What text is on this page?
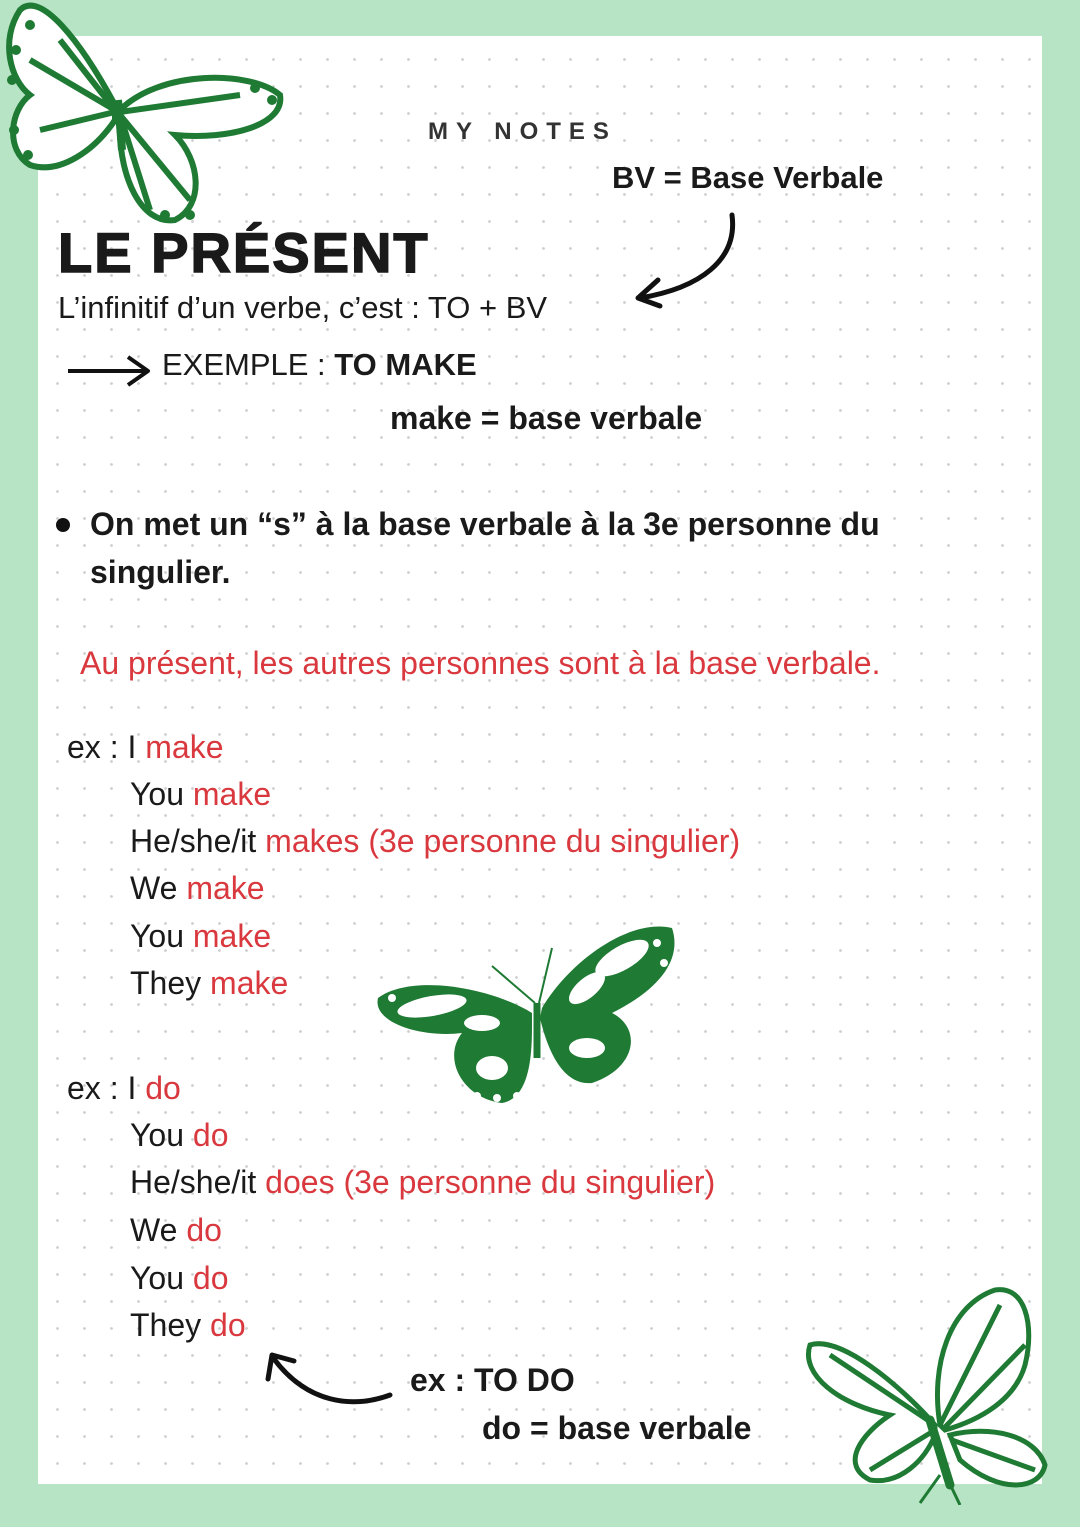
MY NOTES
BV = Base Verbale
LE PRÉSENT
L’infinitif d’un verbe, c’est : TO + BV
EXEMPLE : TO MAKE
make = base verbale
On met un “s” à la base verbale à la 3e personne du singulier.
Au présent, les autres personnes sont à la base verbale.
ex : I make
You make
He/she/it makes (3e personne du singulier)
We make
You make
They make
ex : I do
You do
He/she/it does (3e personne du singulier)
We do
You do
They do
ex : TO DO
do = base verbale
